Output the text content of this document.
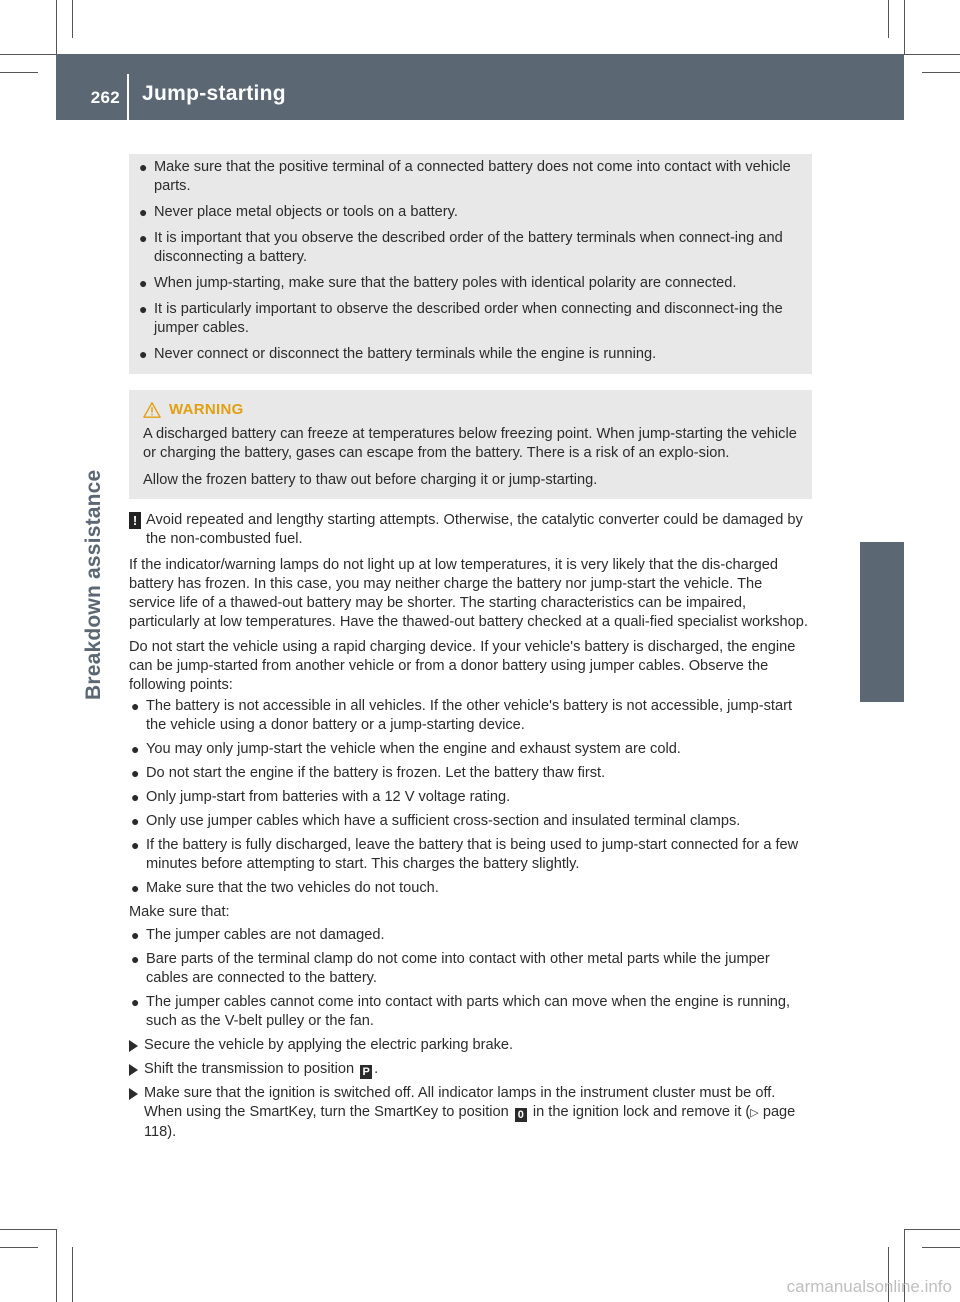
262 Jump-starting
Breakdown assistance
● Make sure that the positive terminal of a connected battery does not come into contact with vehicle parts.
● Never place metal objects or tools on a battery.
● It is important that you observe the described order of the battery terminals when connect-ing and disconnecting a battery.
● When jump-starting, make sure that the battery poles with identical polarity are connected.
● It is particularly important to observe the described order when connecting and disconnect-ing the jumper cables.
● Never connect or disconnect the battery terminals while the engine is running.
WARNING

A discharged battery can freeze at temperatures below freezing point. When jump-starting the vehicle or charging the battery, gases can escape from the battery. There is a risk of an explo-sion.

Allow the frozen battery to thaw out before charging it or jump-starting.

! Avoid repeated and lengthy starting attempts. Otherwise, the catalytic converter could be damaged by the non-combusted fuel.

If the indicator/warning lamps do not light up at low temperatures, it is very likely that the dis-charged battery has frozen. In this case, you may neither charge the battery nor jump-start the vehicle. The service life of a thawed-out battery may be shorter. The starting characteristics can be impaired, particularly at low temperatures. Have the thawed-out battery checked at a quali-fied specialist workshop.

Do not start the vehicle using a rapid charging device. If your vehicle's battery is discharged, the engine can be jump-started from another vehicle or from a donor battery using jumper cables. Observe the following points:

● The battery is not accessible in all vehicles. If the other vehicle's battery is not accessible, jump-start the vehicle using a donor battery or a jump-starting device.
● You may only jump-start the vehicle when the engine and exhaust system are cold.
● Do not start the engine if the battery is frozen. Let the battery thaw first.
● Only jump-start from batteries with a 12 V voltage rating.
● Only use jumper cables which have a sufficient cross-section and insulated terminal clamps.
● If the battery is fully discharged, leave the battery that is being used to jump-start connected for a few minutes before attempting to start. This charges the battery slightly.
● Make sure that the two vehicles do not touch.

Make sure that:

● The jumper cables are not damaged.
● Bare parts of the terminal clamp do not come into contact with other metal parts while the jumper cables are connected to the battery.
● The jumper cables cannot come into contact with parts which can move when the engine is running, such as the V-belt pulley or the fan.
Secure the vehicle by applying the electric parking brake.
Shift the transmission to position P .
Make sure that the ignition is switched off. All indicator lamps in the instrument cluster must be off. When using the SmartKey, turn the SmartKey to position 0 in the ignition lock and remove it (▷ page 118).
carmanualsonline.info
